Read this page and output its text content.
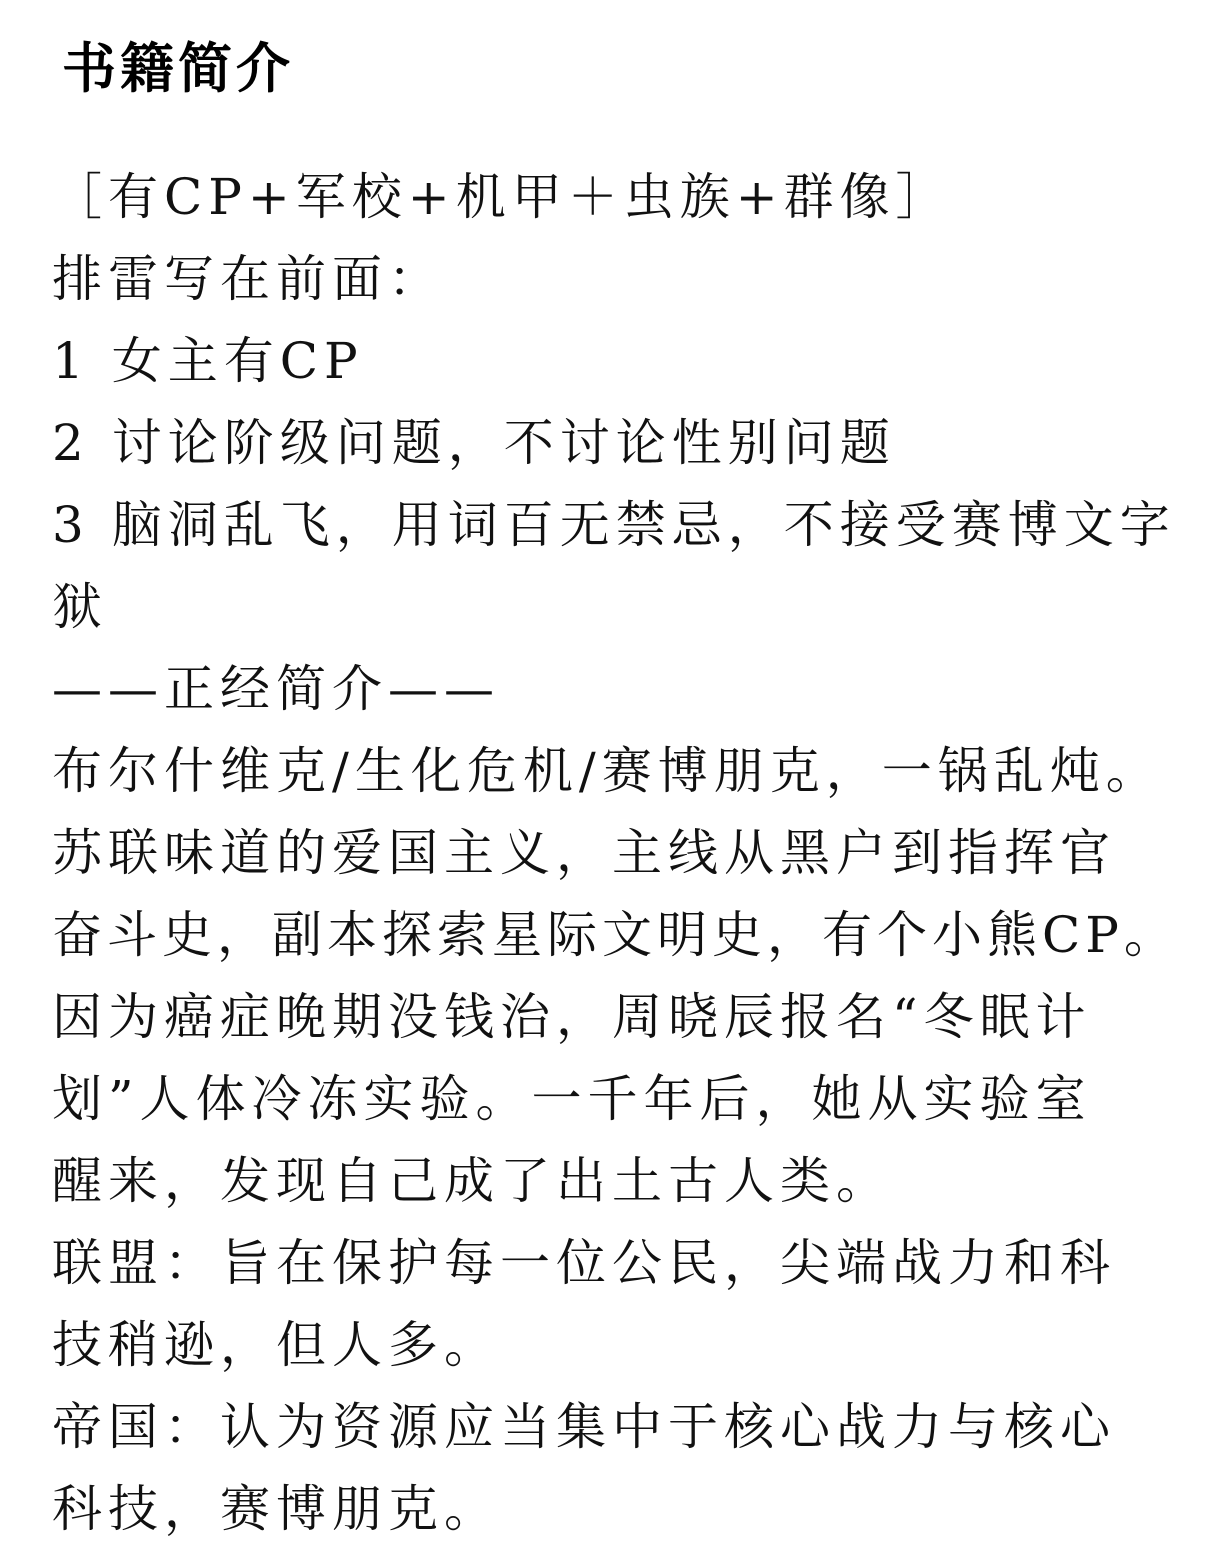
书籍简介
［有CP+军校+机甲＋虫族+群像］
排雷写在前面：
1 女主有CP
2 讨论阶级问题，不讨论性别问题
3 脑洞乱飞，用词百无禁忌，不接受赛博文字
狱
——正经简介——
布尔什维克/生化危机/赛博朋克，一锅乱炖。
苏联味道的爱国主义，主线从黑户到指挥官
奋斗史，副本探索星际文明史，有个小熊CP。
因为癌症晚期没钱治，周晓辰报名“冬眠计
划”人体冷冻实验。一千年后，她从实验室
醒来，发现自己成了出土古人类。
联盟：旨在保护每一位公民，尖端战力和科
技稍逊，但人多。
帝国：认为资源应当集中于核心战力与核心
科技，赛博朋克。
